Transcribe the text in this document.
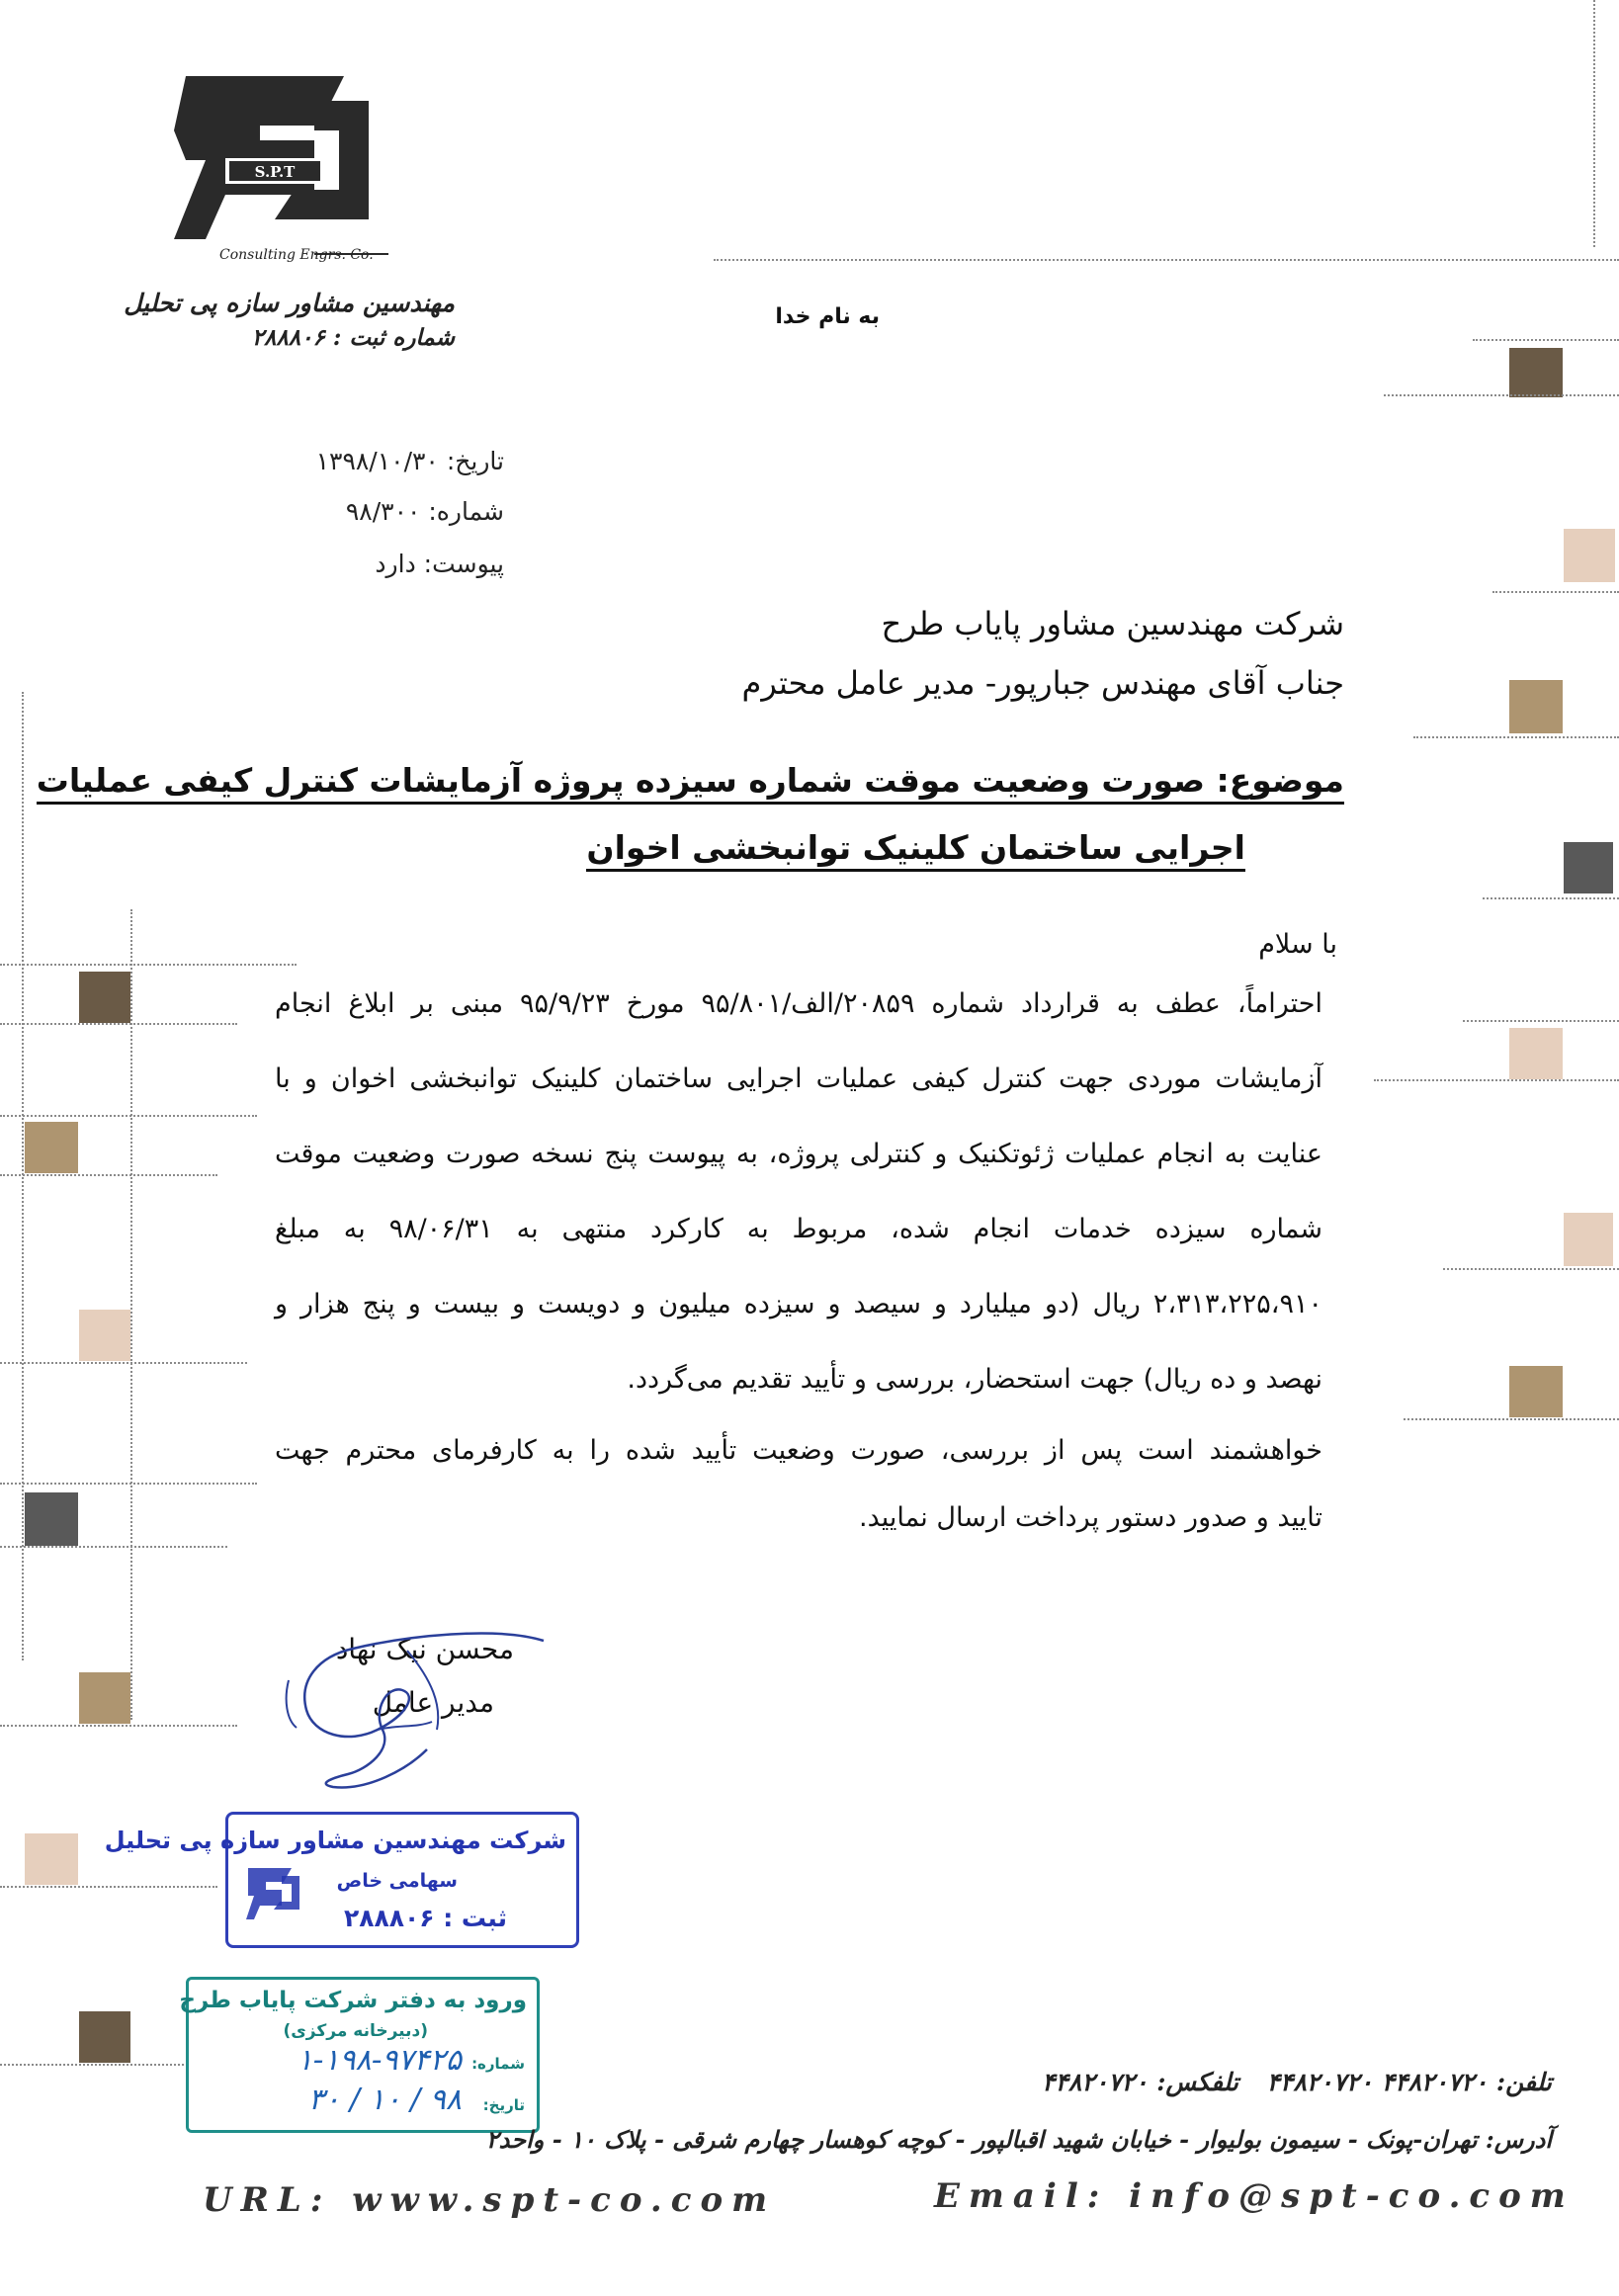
S.P.T
Consulting Engrs. Co.
مهندسین مشاور سازه پی تحلیل
شماره ثبت : ۲۸۸۸۰۶
به نام خدا
تاریخ: ۱۳۹۸/۱۰/۳۰
شماره: ۹۸/۳۰۰
پیوست: دارد
شرکت مهندسین مشاور پایاب طرح
جناب آقای مهندس جبارپور- مدیر عامل محترم
موضوع: صورت وضعیت موقت شماره سیزده پروژه آزمایشات کنترل کیفی عملیات
اجرایی ساختمان کلینیک توانبخشی اخوان
با سلام
احتراماً، عطف به قرارداد شماره ۲۰۸۵۹/الف/۹۵/۸۰۱ مورخ ۹۵/۹/۲۳ مبنی بر ابلاغ انجام
آزمایشات موردی جهت کنترل کیفی عملیات اجرایی ساختمان کلینیک توانبخشی اخوان و با
عنایت به انجام عملیات ژئوتکنیک و کنترلی پروژه، به پیوست پنج نسخه صورت وضعیت موقت
شماره سیزده خدمات انجام شده، مربوط به کارکرد منتهی به ۹۸/۰۶/۳۱ به مبلغ
۲،۳۱۳،۲۲۵،۹۱۰ ریال (دو میلیارد و سیصد و سیزده میلیون و دویست و بیست و پنج هزار و
نهصد و ده ریال) جهت استحضار، بررسی و تأیید تقدیم می‌گردد.
خواهشمند است پس از بررسی، صورت وضعیت تأیید شده را به کارفرمای محترم جهت
تایید و صدور دستور پرداخت ارسال نمایید.
محسن نیک نهاد
مدیر عامل
شرکت مهندسین مشاور سازه پی تحلیل
سهامی خاص
ثبت : ۲۸۸۸۰۶
ورود به دفتر شرکت پایاب طرح
(دبیرخانه مرکزی)
شماره:
۱-۱۹۸-۹۷۴۲۵
تاریخ:
۹۸ / ۱۰ / ۳۰
تلفن: ۴۴۸۲۰۷۲۰ ۴۴۸۲۰۷۲۰
تلفکس: ۴۴۸۲۰۷۲۰
آدرس: تهران-پونک - سیمون بولیوار - خیابان شهید اقبالپور - کوچه کوهسار چهارم شرقی - پلاک ۱۰ - واحد۲
URL: www.spt-co.com	Email: info@spt-co.com
